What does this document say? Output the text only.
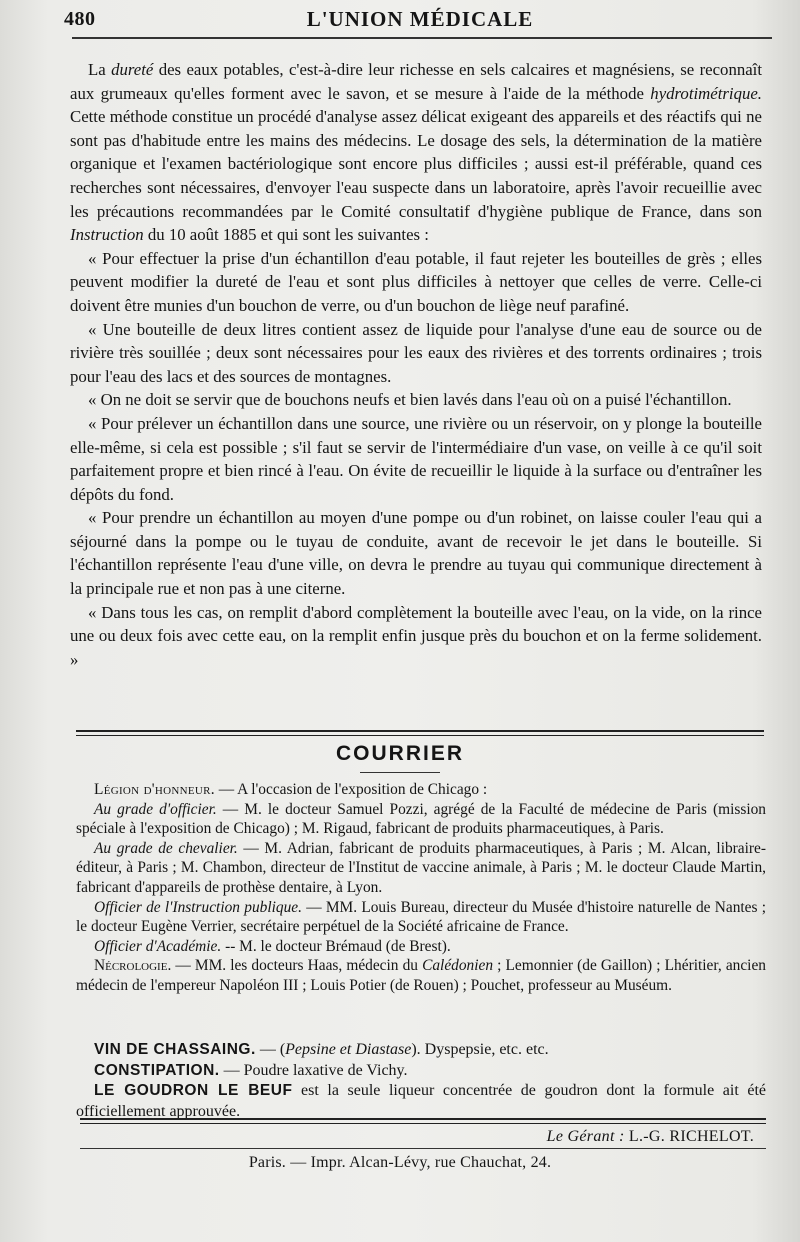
480	L'UNION MÉDICALE

La dureté des eaux potables, c'est-à-dire leur richesse en sels calcaires et magnésiens, se reconnaît aux grumeaux qu'elles forment avec le savon, et se mesure à l'aide de la méthode hydrotimétrique. Cette méthode constitue un procédé d'analyse assez délicat exigeant des appareils et des réactifs qui ne sont pas d'habitude entre les mains des médecins. Le dosage des sels, la détermination de la matière organique et l'examen bactériologique sont encore plus difficiles ; aussi est-il préférable, quand ces recherches sont nécessaires, d'envoyer l'eau suspecte dans un laboratoire, après l'avoir recueillie avec les précautions recommandées par le Comité consultatif d'hygiène publique de France, dans son Instruction du 10 août 1885 et qui sont les suivantes :

« Pour effectuer la prise d'un échantillon d'eau potable, il faut rejeter les bouteilles de grès ; elles peuvent modifier la dureté de l'eau et sont plus difficiles à nettoyer que celles de verre. Celle-ci doivent être munies d'un bouchon de verre, ou d'un bouchon de liège neuf parafiné.

« Une bouteille de deux litres contient assez de liquide pour l'analyse d'une eau de source ou de rivière très souillée ; deux sont nécessaires pour les eaux des rivières et des torrents ordinaires ; trois pour l'eau des lacs et des sources de montagnes.

« On ne doit se servir que de bouchons neufs et bien lavés dans l'eau où on a puisé l'échantillon.

« Pour prélever un échantillon dans une source, une rivière ou un réservoir, on y plonge la bouteille elle-même, si cela est possible ; s'il faut se servir de l'intermédiaire d'un vase, on veille à ce qu'il soit parfaitement propre et bien rincé à l'eau. On évite de recueillir le liquide à la surface ou d'entraîner les dépôts du fond.

« Pour prendre un échantillon au moyen d'une pompe ou d'un robinet, on laisse couler l'eau qui a séjourné dans la pompe ou le tuyau de conduite, avant de recevoir le jet dans le bouteille. Si l'échantillon représente l'eau d'une ville, on devra le prendre au tuyau qui communique directement à la principale rue et non pas à une citerne.

« Dans tous les cas, on remplit d'abord complètement la bouteille avec l'eau, on la vide, on la rince une ou deux fois avec cette eau, on la remplit enfin jusque près du bouchon et on la ferme solidement. »

COURRIER

Légion d'honneur. — A l'occasion de l'exposition de Chicago :

Au grade d'officier. — M. le docteur Samuel Pozzi, agrégé de la Faculté de médecine de Paris (mission spéciale à l'exposition de Chicago) ; M. Rigaud, fabricant de produits pharmaceutiques, à Paris.

Au grade de chevalier. — M. Adrian, fabricant de produits pharmaceutiques, à Paris ; M. Alcan, libraire-éditeur, à Paris ; M. Chambon, directeur de l'Institut de vaccine animale, à Paris ; M. le docteur Claude Martin, fabricant d'appareils de prothèse dentaire, à Lyon.

Officier de l'Instruction publique. — MM. Louis Bureau, directeur du Musée d'histoire naturelle de Nantes ; le docteur Eugène Verrier, secrétaire perpétuel de la Société africaine de France.

Officier d'Académie. -- M. le docteur Brémaud (de Brest).

Nécrologie. — MM. les docteurs Haas, médecin du Calédonien ; Lemonnier (de Gaillon) ; Lhéritier, ancien médecin de l'empereur Napoléon III ; Louis Potier (de Rouen) ; Pouchet, professeur au Muséum.

VIN DE CHASSAING. — (Pepsine et Diastase). Dyspepsie, etc. etc.

CONSTIPATION. — Poudre laxative de Vichy.

LE GOUDRON LE BEUF est la seule liqueur concentrée de goudron dont la formule ait été officiellement approuvée.

Le Gérant : L.-G. RICHELOT.
Paris. — Impr. Alcan-Lévy, rue Chauchat, 24.
